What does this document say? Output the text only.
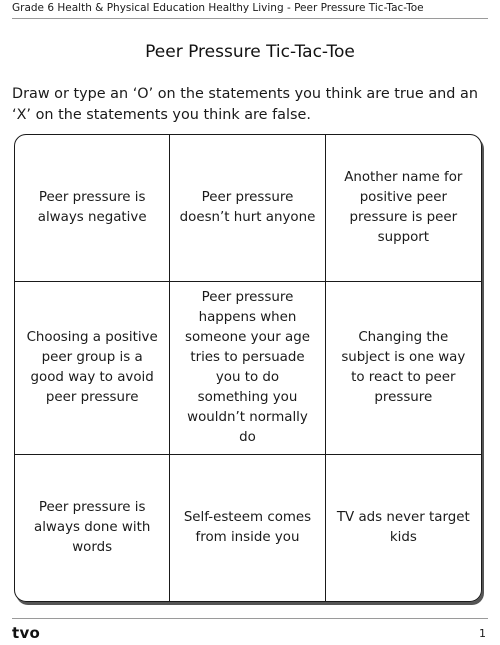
Grade 6 Health & Physical Education Healthy Living - Peer Pressure Tic-Tac-Toe
Peer Pressure Tic-Tac-Toe
Draw or type an ‘O’ on the statements you think are true and an ‘X’ on the statements you think are false.
Peer pressure is always negative
Peer pressure doesn’t hurt anyone
Another name for positive peer pressure is peer support
Choosing a positive peer group is a good way to avoid peer pressure
Peer pressure happens when someone your age tries to persuade you to do something you wouldn’t normally do
Changing the subject is one way to react to peer pressure
Peer pressure is always done with words
Self-esteem comes from inside you
TV ads never target kids
tvo	1
